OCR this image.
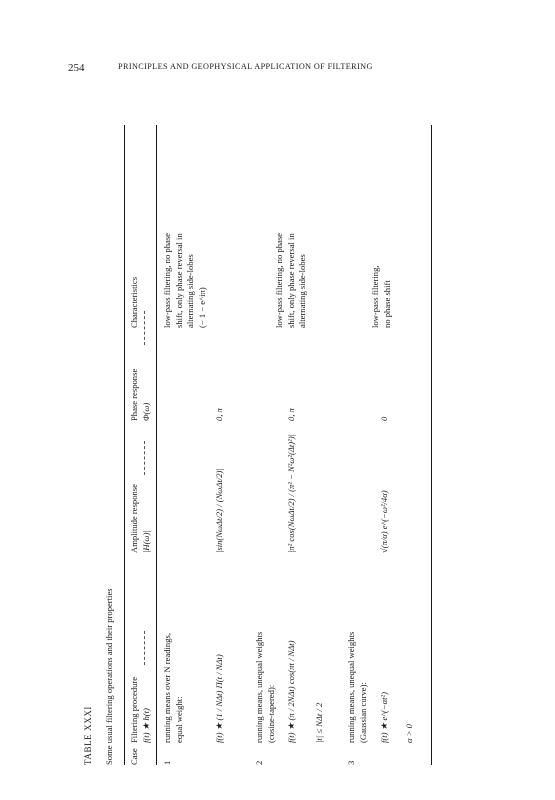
254	PRINCIPLES AND GEOPHYSICAL APPLICATION OF FILTERING
TABLE XXXI Some usual filtering operations and their properties Case
Filtering procedure f(t) ★ h(t)
Amplitude response |H(ω)|
Phase response Φ(ω)
Characteristics
1
running means over N readings, equal weight:	f(t) ★ (1 / NΔt) Π(t / NΔt)
|sin(NωΔt/2) / (NωΔt/2)|
0, π
low-pass filtering, no phase shift, only phase reversal in alternating side-lobes (− 1 − e^iπ)
2
running means, unequal weights (cosine-tapered): f(t) ★ (π / 2NΔt) cos(πt / NΔt) |t| ≤ NΔt / 2
|π² cos(NωΔt/2) / (π² − N²ω²(Δt)²)|
0, π
low-pass filtering, no phase shift, only phase reversal in alternating side-lobes
3
running means, unequal weights (Gaussian curve): f(t) ★ e^(−αt²) α > 0
√(π/α) e^(−ω²/4α)
0
low-pass filtering, no phase shift
